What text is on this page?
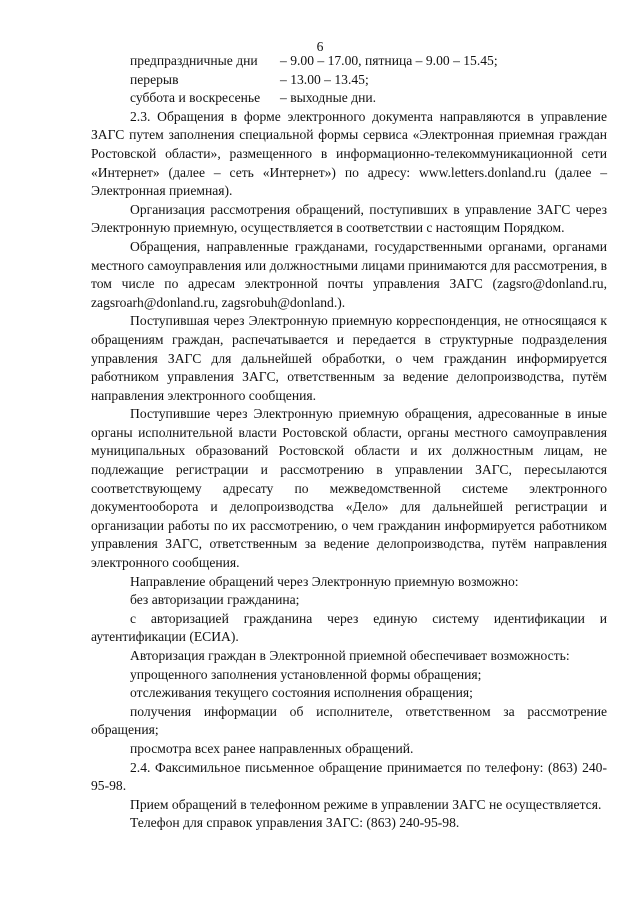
6
предпраздничные дни	– 9.00 – 17.00, пятница – 9.00 – 15.45;
перерыв	– 13.00 – 13.45;
суббота и воскресенье	– выходные дни.

2.3. Обращения в форме электронного документа направляются в управление ЗАГС путем заполнения специальной формы сервиса «Электронная приемная граждан Ростовской области», размещенного в информационно-телекоммуникационной сети «Интернет» (далее – сеть «Интернет») по адресу: www.letters.donland.ru (далее – Электронная приемная).

Организация рассмотрения обращений, поступивших в управление ЗАГС через Электронную приемную, осуществляется в соответствии с настоящим Порядком.

Обращения, направленные гражданами, государственными органами, органами местного самоуправления или должностными лицами принимаются для рассмотрения, в том числе по адресам электронной почты управления ЗАГС (zagsro@donland.ru, zagsroarh@donland.ru, zagsrobuh@donland.).

Поступившая через Электронную приемную корреспонденция, не относящаяся к обращениям граждан, распечатывается и передается в структурные подразделения управления ЗАГС для дальнейшей обработки, о чем гражданин информируется работником управления ЗАГС, ответственным за ведение делопроизводства, путём направления электронного сообщения.

Поступившие через Электронную приемную обращения, адресованные в иные органы исполнительной власти Ростовской области, органы местного самоуправления муниципальных образований Ростовской области и их должностным лицам, не подлежащие регистрации и рассмотрению в управлении ЗАГС, пересылаются соответствующему адресату по межведомственной системе электронного документооборота и делопроизводства «Дело» для дальнейшей регистрации и организации работы по их рассмотрению, о чем гражданин информируется работником управления ЗАГС, ответственным за ведение делопроизводства, путём направления электронного сообщения.

Направление обращений через Электронную приемную возможно:

без авторизации гражданина;

с авторизацией гражданина через единую систему идентификации и аутентификации (ЕСИА).

Авторизация граждан в Электронной приемной обеспечивает возможность:

упрощенного заполнения установленной формы обращения;

отслеживания текущего состояния исполнения обращения;

получения информации об исполнителе, ответственном за рассмотрение обращения;

просмотра всех ранее направленных обращений.

2.4. Факсимильное письменное обращение принимается по телефону: (863) 240-95-98.

Прием обращений в телефонном режиме в управлении ЗАГС не осуществляется.

Телефон для справок управления ЗАГС: (863) 240-95-98.
